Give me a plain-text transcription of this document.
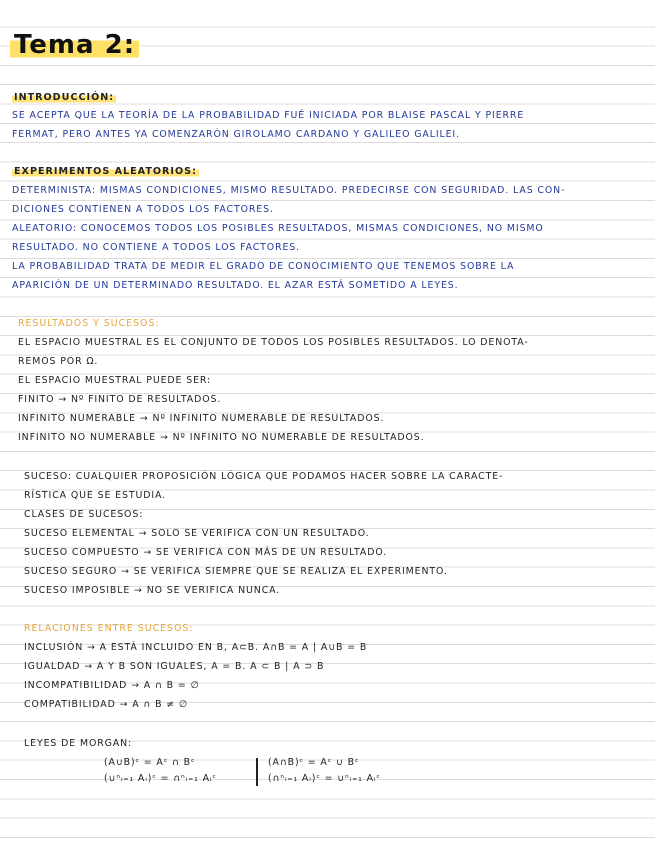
Tema 2:
INTRODUCCIÓN:
SE ACEPTA QUE LA TEORÍA DE LA PROBABILIDAD FUÉ INICIADA POR BLAISE PASCAL Y PIERRE
FERMAT, PERO ANTES YA COMENZARÓN GIROLAMO CARDANO Y GALILEO GALILEI.
EXPERIMENTOS ALEATORIOS:
DETERMINISTA: MISMAS CONDICIONES, MISMO RESULTADO. PREDECIRSE CON SEGURIDAD. LAS CON-
DICIONES CONTIENEN A TODOS LOS FACTORES.
ALEATORIO: CONOCEMOS TODOS LOS POSIBLES RESULTADOS, MISMAS CONDICIONES, NO MISMO
RESULTADO. NO CONTIENE A TODOS LOS FACTORES.
LA PROBABILIDAD TRATA DE MEDIR EL GRADO DE CONOCIMIENTO QUE TENEMOS SOBRE LA
APARICIÓN DE UN DETERMINADO RESULTADO. EL AZAR ESTÁ SOMETIDO A LEYES.
RESULTADOS Y SUCESOS:
EL ESPACIO MUESTRAL ES EL CONJUNTO DE TODOS LOS POSIBLES RESULTADOS. LO DENOTA-
REMOS POR Ω.
EL ESPACIO MUESTRAL PUEDE SER:
FINITO → Nº FINITO DE RESULTADOS.
INFINITO NUMERABLE → Nº INFINITO NUMERABLE DE RESULTADOS.
INFINITO NO NUMERABLE → Nº INFINITO NO NUMERABLE DE RESULTADOS.
SUCESO: CUALQUIER PROPOSICIÓN LÓGICA QUE PODAMOS HACER SOBRE LA CARACTE-
RÍSTICA QUE SE ESTUDIA.
CLASES DE SUCESOS:
SUCESO ELEMENTAL → SOLO SE VERIFICA CON UN RESULTADO.
SUCESO COMPUESTO → SE VERIFICA CON MÁS DE UN RESULTADO.
SUCESO SEGURO → SE VERIFICA SIEMPRE QUE SE REALIZA EL EXPERIMENTO.
SUCESO IMPOSIBLE → NO SE VERIFICA NUNCA.
RELACIONES ENTRE SUCESOS:
INCLUSIÓN → A ESTÁ INCLUIDO EN B, A⊂B. A∩B = A | A∪B = B
IGUALDAD → A Y B SON IGUALES, A = B. A ⊂ B | A ⊃ B
INCOMPATIBILIDAD → A ∩ B = ∅
COMPATIBILIDAD → A ∩ B ≠ ∅
LEYES DE MORGAN:
(A∪B)ᶜ = Aᶜ ∩ Bᶜ
(∪ⁿᵢ₌₁ Aᵢ)ᶜ = ∩ⁿᵢ₌₁ Aᵢᶜ
(A∩B)ᶜ = Aᶜ ∪ Bᶜ
(∩ⁿᵢ₌₁ Aᵢ)ᶜ = ∪ⁿᵢ₌₁ Aᵢᶜ
